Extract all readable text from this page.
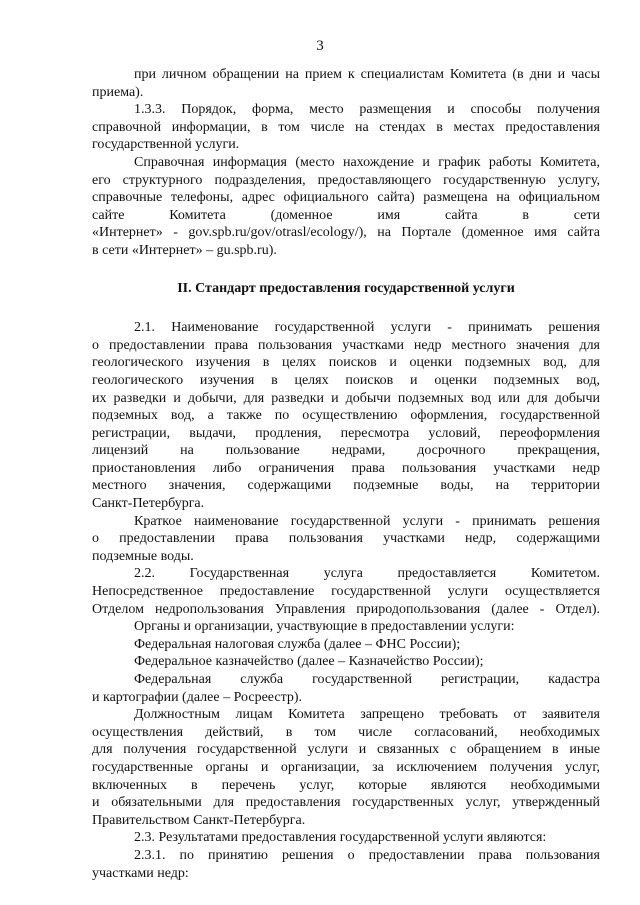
3
при личном обращении на прием к специалистам Комитета (в дни и часы
приема).
1.3.3. Порядок, форма, место размещения и способы получения
справочной информации, в том числе на стендах в местах предоставления
государственной услуги.
Справочная информация (место нахождение и график работы Комитета,
его структурного подразделения, предоставляющего государственную услугу,
справочные телефоны, адрес официального сайта) размещена на официальном
сайте Комитета (доменное имя сайта в сети
«Интернет» - gov.spb.ru/gov/otrasl/ecology/), на Портале (доменное имя сайта
в сети «Интернет» – gu.spb.ru).
II. Стандарт предоставления государственной услуги
2.1. Наименование государственной услуги - принимать решения
о предоставлении права пользования участками недр местного значения для
геологического изучения в целях поисков и оценки подземных вод, для
геологического изучения в целях поисков и оценки подземных вод,
их разведки и добычи, для разведки и добычи подземных вод или для добычи
подземных вод, а также по осуществлению оформления, государственной
регистрации, выдачи, продления, пересмотра условий, переоформления
лицензий на пользование недрами, досрочного прекращения,
приостановления либо ограничения права пользования участками недр
местного значения, содержащими подземные воды, на территории
Санкт-Петербурга.
Краткое наименование государственной услуги - принимать решения
о предоставлении права пользования участками недр, содержащими
подземные воды.
2.2. Государственная услуга предоставляется Комитетом.
Непосредственное предоставление государственной услуги осуществляется
Отделом недропользования Управления природопользования (далее - Отдел).
Органы и организации, участвующие в предоставлении услуги:
Федеральная налоговая служба (далее – ФНС России);
Федеральное казначейство (далее – Казначейство России);
Федеральная служба государственной регистрации, кадастра
и картографии (далее – Росреестр).
Должностным лицам Комитета запрещено требовать от заявителя
осуществления действий, в том числе согласований, необходимых
для получения государственной услуги и связанных с обращением в иные
государственные органы и организации, за исключением получения услуг,
включенных в перечень услуг, которые являются необходимыми
и обязательными для предоставления государственных услуг, утвержденный
Правительством Санкт-Петербурга.
2.3. Результатами предоставления государственной услуги являются:
2.3.1. по принятию решения о предоставлении права пользования
участками недр:
